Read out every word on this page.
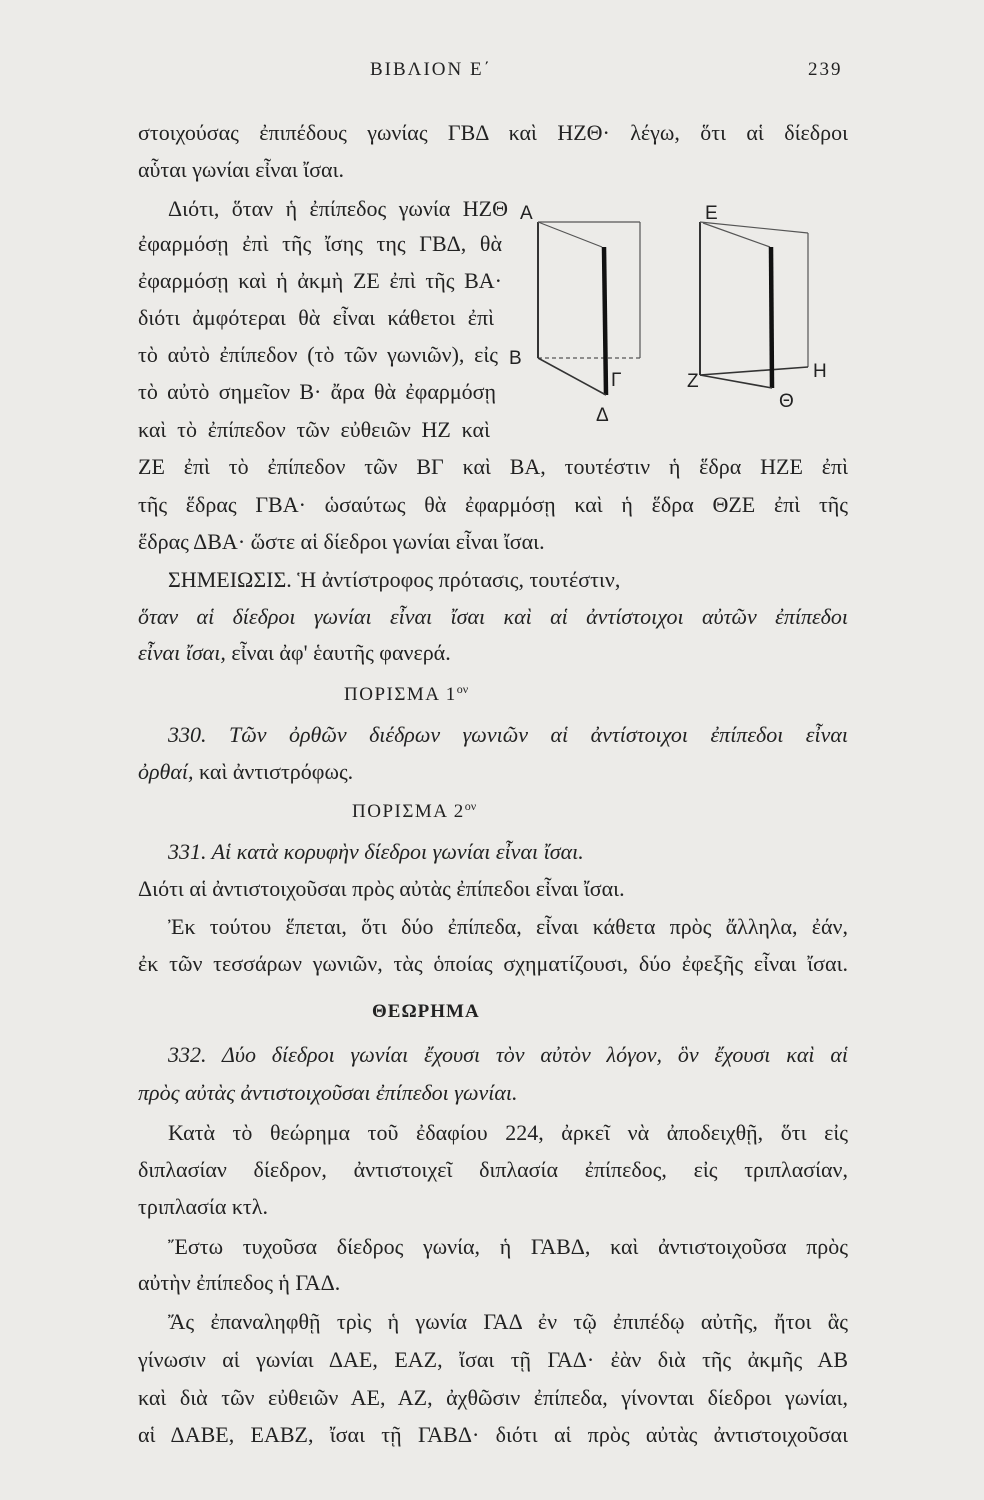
ΒΙΒΛΙΟΝ Ε΄	239
στοιχούσας ἐπιπέδους γωνίας ΓΒΔ καὶ ΗΖΘ· λέγω, ὅτι αἱ δίεδροι
αὗται γωνίαι εἶναι ἴσαι.
Διότι, ὅταν ἡ ἐπίπεδος γωνία ΗΖΘ
ἐφαρμόσῃ ἐπὶ τῆς ἴσης της ΓΒΔ, θὰ
ἐφαρμόσῃ καὶ ἡ ἀκμὴ ΖΕ ἐπὶ τῆς ΒΑ·
διότι ἀμφότεραι θὰ εἶναι κάθετοι ἐπὶ
τὸ αὐτὸ ἐπίπεδον (τὸ τῶν γωνιῶν), εἰς
τὸ αὐτὸ σημεῖον Β· ἄρα θὰ ἐφαρμόσῃ
καὶ τὸ ἐπίπεδον τῶν εὐθειῶν ΗΖ καὶ
ΖΕ ἐπὶ τὸ ἐπίπεδον τῶν ΒΓ καὶ ΒΑ, τουτέστιν ἡ ἕδρα ΗΖΕ ἐπὶ
τῆς ἕδρας ΓΒΑ· ὡσαύτως θὰ ἐφαρμόσῃ καὶ ἡ ἕδρα ΘΖΕ ἐπὶ τῆς
ἕδρας ΔΒΑ· ὥστε αἱ δίεδροι γωνίαι εἶναι ἴσαι.
Α
Β
Γ
Δ
Ε
Ζ	Η
Θ
ΣΗΜΕΙΩΣΙΣ. Ἡ ἀντίστροφος πρότασις, τουτέστιν,
ὅταν αἱ δίεδροι γωνίαι εἶναι ἴσαι καὶ αἱ ἀντίστοιχοι αὐτῶν ἐπίπεδοι
εἶναι ἴσαι, εἶναι ἀφ' ἑαυτῆς φανερά.
ΠΟΡΙΣΜΑ $1^{o\nu}$
330. Τῶν ὀρθῶν διέδρων γωνιῶν αἱ ἀντίστοιχοι ἐπίπεδοι εἶναι
ὀρθαί, καὶ ἀντιστρόφως.
ΠΟΡΙΣΜΑ $2^{o\nu}$
331. Αἱ κατὰ κορυφὴν δίεδροι γωνίαι εἶναι ἴσαι.
Διότι αἱ ἀντιστοιχοῦσαι πρὸς αὐτὰς ἐπίπεδοι εἶναι ἴσαι.
Ἐκ τούτου ἕπεται, ὅτι δύο ἐπίπεδα, εἶναι κάθετα πρὸς ἄλληλα, ἐάν,
ἐκ τῶν τεσσάρων γωνιῶν, τὰς ὁποίας σχηματίζουσι, δύο ἐφεξῆς εἶναι ἴσαι.
ΘΕΩΡΗΜΑ
332. Δύο δίεδροι γωνίαι ἔχουσι τὸν αὐτὸν λόγον, ὃν ἔχουσι καὶ αἱ
πρὸς αὐτὰς ἀντιστοιχοῦσαι ἐπίπεδοι γωνίαι.
Κατὰ τὸ θεώρημα τοῦ ἐδαφίου 224, ἀρκεῖ νὰ ἀποδειχθῇ, ὅτι εἰς
διπλασίαν δίεδρον, ἀντιστοιχεῖ διπλασία ἐπίπεδος, εἰς τριπλασίαν,
τριπλασία κτλ.
Ἔστω τυχοῦσα δίεδρος γωνία, ἡ ΓΑΒΔ, καὶ ἀντιστοιχοῦσα πρὸς
αὐτὴν ἐπίπεδος ἡ ΓΑΔ.
Ἄς ἐπαναληφθῇ τρὶς ἡ γωνία ΓΑΔ ἐν τῷ ἐπιπέδῳ αὐτῆς, ἤτοι ἃς
γίνωσιν αἱ γωνίαι ΔΑΕ, ΕΑΖ, ἴσαι τῇ ΓΑΔ· ἐὰν διὰ τῆς ἀκμῆς ΑΒ
καὶ διὰ τῶν εὐθειῶν ΑΕ, ΑΖ, ἀχθῶσιν ἐπίπεδα, γίνονται δίεδροι γωνίαι,
αἱ ΔΑΒΕ, ΕΑΒΖ, ἴσαι τῇ ΓΑΒΔ· διότι αἱ πρὸς αὐτὰς ἀντιστοιχοῦσαι
